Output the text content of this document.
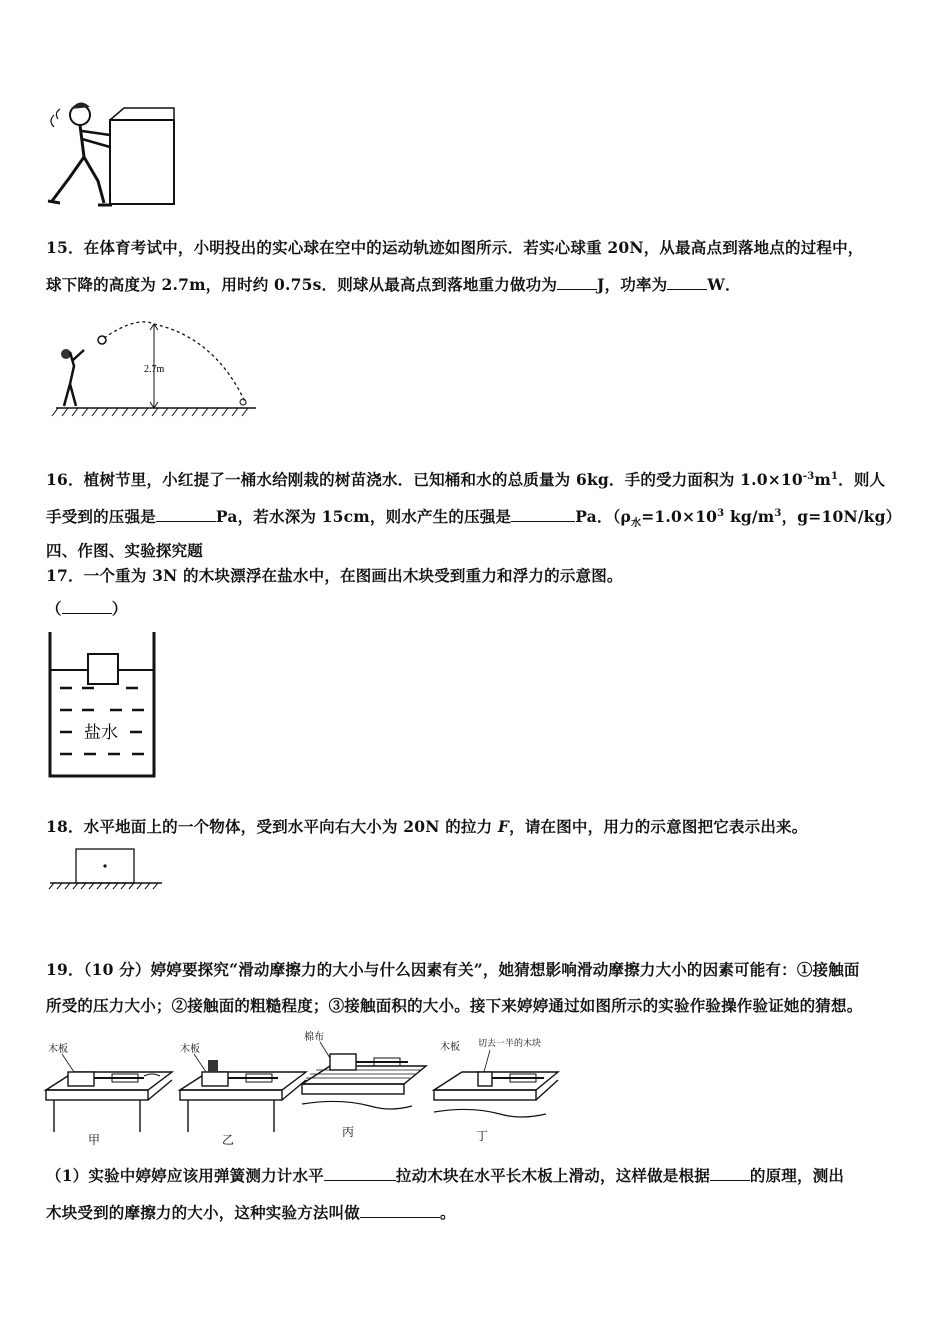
15．在体育考试中，小明投出的实心球在空中的运动轨迹如图所示．若实心球重 20N，从最高点到落地点的过程中，
球下降的高度为 2.7m，用时约 0.75s．则球从最高点到落地重力做功为	J，功率为	W．
2.7m
16．植树节里，小红提了一桶水给刚栽的树苗浇水．已知桶和水的总质量为 6kg．手的受力面积为 $1.0\times 10^{-3}m^1$．则人
手受到的压强是	Pa，若水深为 15cm，则水产生的压强是	Pa．（$\rho_水=1.0\times 10^3$ $kg/m^3$，g=10N/kg）
四、作图、实验探究题
17．一个重为 3N 的木块漂浮在盐水中，在图画出木块受到重力和浮力的示意图。
（	）
盐水
18．水平地面上的一个物体，受到水平向右大小为 20N 的拉力 F，请在图中，用力的示意图把它表示出来。
19．（10 分）婷婷要探究“滑动摩擦力的大小与什么因素有关”，她猜想影响滑动摩擦力大小的因素可能有：①接触面
所受的压力大小；②接触面的粗糙程度；③接触面积的大小。接下来婷婷通过如图所示的实验作验操作验证她的猜想。
木板
甲
木板
乙
棉布
丙
木板 切去一半的木块
丁
（1）实验中婷婷应该用弹簧测力计水平	拉动木块在水平长木板上滑动，这样做是根据	的原理，测出
木块受到的摩擦力的大小，这种实验方法叫做	。
